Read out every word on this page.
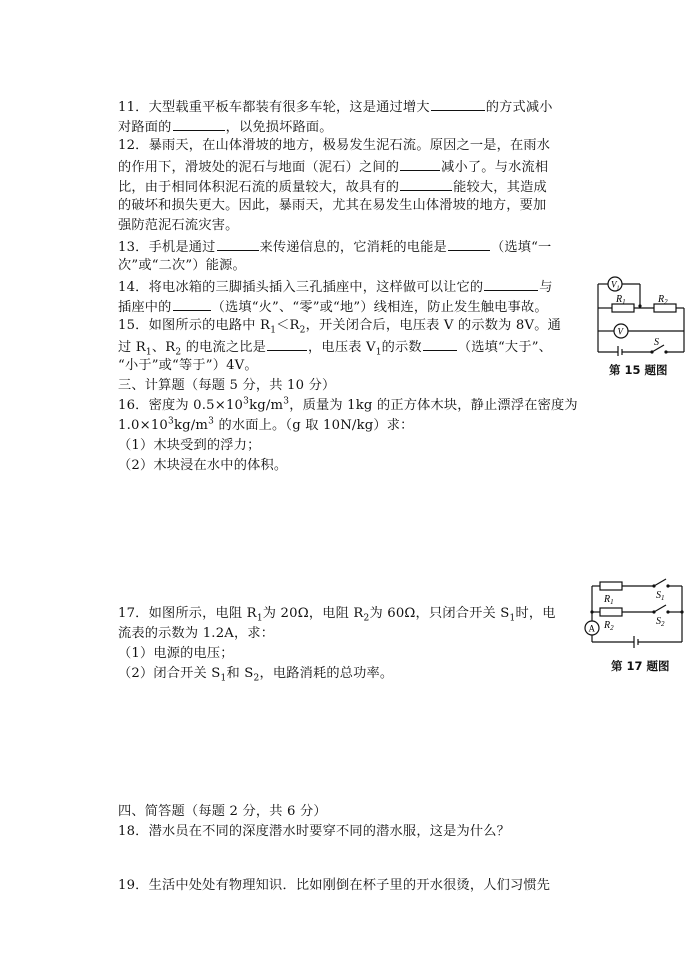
11．大型载重平板车都装有很多车轮，这是通过增大	的方式减小
对路面的	，以免损坏路面。
12．暴雨天，在山体滑坡的地方，极易发生泥石流。原因之一是，在雨水
的作用下，滑坡处的泥石与地面（泥石）之间的	减小了。与水流相
比，由于相同体积泥石流的质量较大，故具有的	能较大，其造成
的破坏和损失更大。因此，暴雨天，尤其在易发生山体滑坡的地方，要加
强防范泥石流灾害。
13．手机是通过	来传递信息的，它消耗的电能是	（选填“一
次”或“二次”）能源。
14．将电冰箱的三脚插头插入三孔插座中，这样做可以让它的	与
插座中的	（选填“火”、“零”或“地”）线相连，防止发生触电事故。
15．如图所示的电路中 $R_1<R_2$，开关闭合后，电压表 V 的示数为 8V。通
过 $R_1$、$R_2$ 的电流之比是	，电压表 $V_1$的示数	（选填“大于”、
“小于”或“等于”）4V。
三、计算题（每题 5 分，共 10 分）
16．密度为 $0.5\times 10^3kg/m^3$，质量为 1kg 的正方体木块，静止漂浮在密度为
$1.0\times 10^3kg/m^3$ 的水面上。（g 取 10N/kg）求：
（1）木块受到的浮力；
（2）木块浸在水中的体积。
17．如图所示，电阻 $R_1$为 20Ω，电阻 $R_2$为 60Ω，只闭合开关 $S_1$时，电
流表的示数为 1.2A，求：
（1）电源的电压；
（2）闭合开关 $S_1$和 $S_2$，电路消耗的总功率。
四、简答题（每题 2 分，共 6 分）
18．潜水员在不同的深度潜水时要穿不同的潜水服，这是为什么？
19．生活中处处有物理知识．比如刚倒在杯子里的开水很烫，人们习惯先
$V_1$
V
$R_1$	$R_2$
S
第 15 题图
A
$R_1$
$R_2$
$S_1$
$S_2$
第 17 题图
